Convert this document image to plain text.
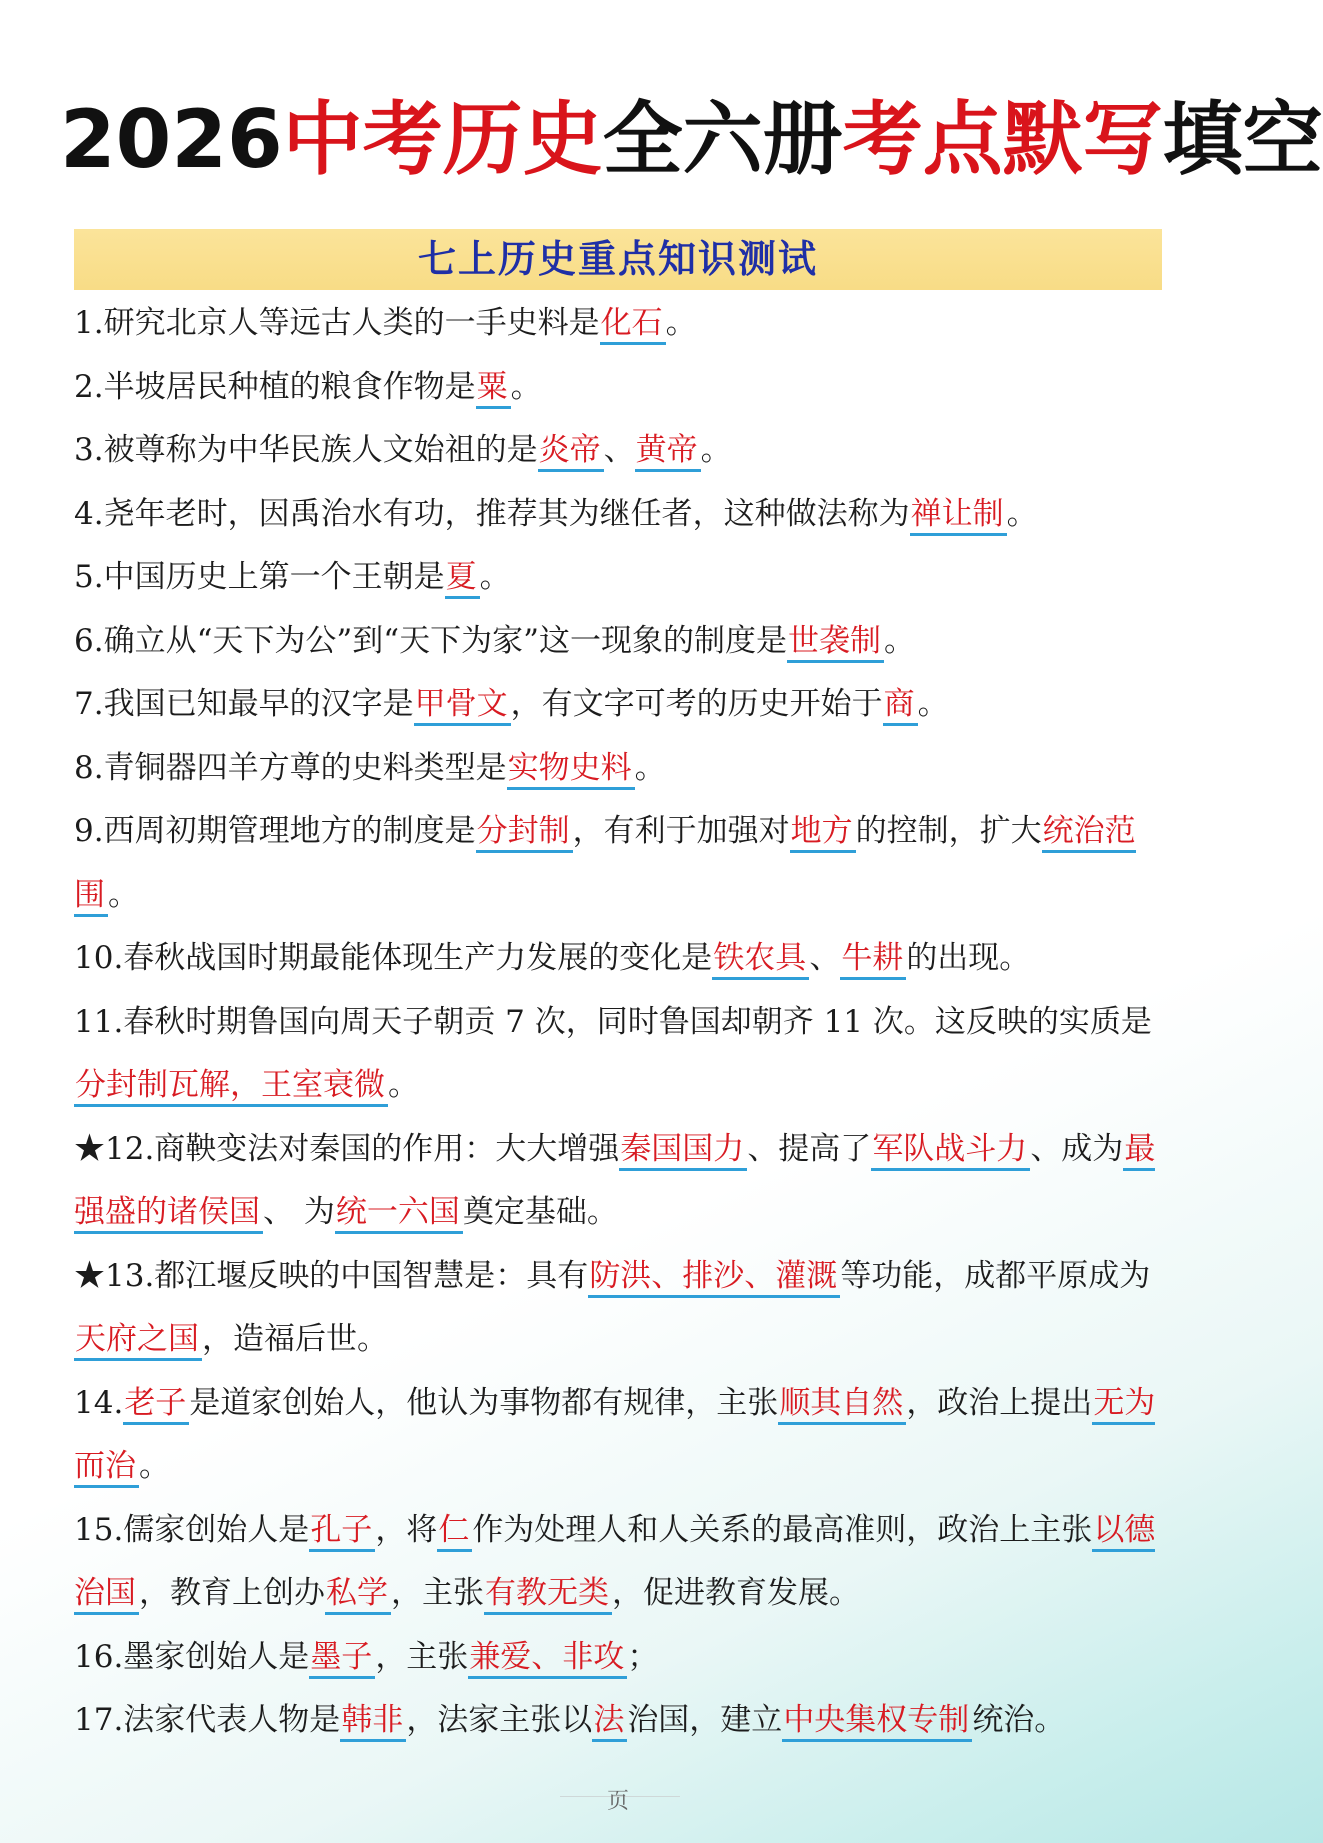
2026中考历史全六册考点默写填空
七上历史重点知识测试

1.研究北京人等远古人类的一手史料是化石。

2.半坡居民种植的粮食作物是粟。

3.被尊称为中华民族人文始祖的是炎帝、黄帝。

4.尧年老时，因禹治水有功，推荐其为继任者，这种做法称为禅让制。

5.中国历史上第一个王朝是夏。

6.确立从“天下为公”到“天下为家”这一现象的制度是世袭制。

7.我国已知最早的汉字是甲骨文，有文字可考的历史开始于商。

8.青铜器四羊方尊的史料类型是实物史料。

9.西周初期管理地方的制度是分封制，有利于加强对地方的控制，扩大统治范围。

10.春秋战国时期最能体现生产力发展的变化是铁农具、牛耕的出现。

11.春秋时期鲁国向周天子朝贡 7 次，同时鲁国却朝齐 11 次。这反映的实质是分封制瓦解，王室衰微。

★12.商鞅变法对秦国的作用：大大增强秦国国力、提高了军队战斗力、成为最强盛的诸侯国、 为统一六国奠定基础。

★13.都江堰反映的中国智慧是：具有防洪、排沙、灌溉等功能，成都平原成为天府之国，造福后世。

14.老子是道家创始人，他认为事物都有规律，主张顺其自然，政治上提出无为而治。

15.儒家创始人是孔子，将仁作为处理人和人关系的最高准则，政治上主张以德治国，教育上创办私学，主张有教无类，促进教育发展。

16.墨家创始人是墨子，主张兼爱、非攻；

17.法家代表人物是韩非，法家主张以法治国，建立中央集权专制统治。

页
